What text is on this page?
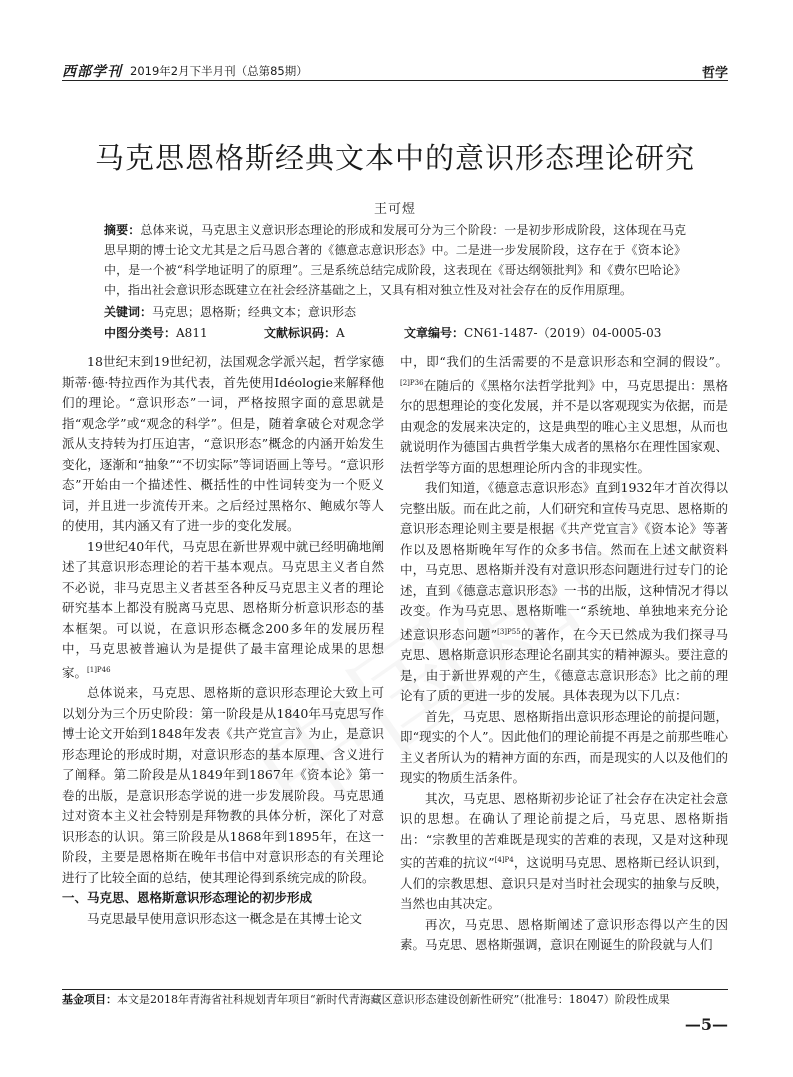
西部学刊 2019年2月下半月刊（总第85期）	哲学
马克思恩格斯经典文本中的意识形态理论研究
王可煜
摘要：总体来说，马克思主义意识形态理论的形成和发展可分为三个阶段：一是初步形成阶段，这体现在马克思早期的博士论文尤其是之后马恩合著的《德意志意识形态》中。二是进一步发展阶段，这存在于《资本论》中，是一个被“科学地证明了的原理”。三是系统总结完成阶段，这表现在《哥达纲领批判》和《费尔巴哈论》中，指出社会意识形态既建立在社会经济基础之上，又具有相对独立性及对社会存在的反作用原理。
关键词：马克思；恩格斯；经典文本；意识形态
中图分类号：A811	文献标识码：A	文章编号：CN61-1487-（2019）04-0005-03

18世纪末到19世纪初，法国观念学派兴起，哲学家德斯蒂·德·特拉西作为其代表，首先使用Idéologie来解释他们的理论。“意识形态”一词，严格按照字面的意思就是指“观念学”或“观念的科学”。但是，随着拿破仑对观念学派从支持转为打压迫害，“意识形态”概念的内涵开始发生变化，逐渐和“抽象”“不切实际”等词语画上等号。“意识形态”开始由一个描述性、概括性的中性词转变为一个贬义词，并且进一步流传开来。之后经过黑格尔、鲍威尔等人的使用，其内涵又有了进一步的变化发展。

19世纪40年代，马克思在新世界观中就已经明确地阐述了其意识形态理论的若干基本观点。马克思主义者自然不必说，非马克思主义者甚至各种反马克思主义者的理论研究基本上都没有脱离马克思、恩格斯分析意识形态的基本框架。可以说，在意识形态概念200多年的发展历程中，马克思被普遍认为是提供了最丰富理论成果的思想家。$^{[1]P46}$

总体说来，马克思、恩格斯的意识形态理论大致上可以划分为三个历史阶段：第一阶段是从1840年马克思写作博士论文开始到1848年发表《共产党宣言》为止，是意识形态理论的形成时期，对意识形态的基本原理、含义进行了阐释。第二阶段是从1849年到1867年《资本论》第一卷的出版，是意识形态学说的进一步发展阶段。马克思通过对资本主义社会特别是拜物教的具体分析，深化了对意识形态的认识。第三阶段是从1868年到1895年，在这一阶段，主要是恩格斯在晚年书信中对意识形态的有关理论进行了比较全面的总结，使其理论得到系统完成的阶段。

一、马克思、恩格斯意识形态理论的初步形成

马克思最早使用意识形态这一概念是在其博士论文

中，即“我们的生活需要的不是意识形态和空洞的假设”。$^{[2]P36}$在随后的《黑格尔法哲学批判》中，马克思提出：黑格尔的思想理论的变化发展，并不是以客观现实为依据，而是由观念的发展来决定的，这是典型的唯心主义思想，从而也就说明作为德国古典哲学集大成者的黑格尔在理性国家观、法哲学等方面的思想理论所内含的非现实性。

我们知道，《德意志意识形态》直到1932年才首次得以完整出版。而在此之前，人们研究和宣传马克思、恩格斯的意识形态理论则主要是根据《共产党宣言》《资本论》等著作以及恩格斯晚年写作的众多书信。然而在上述文献资料中，马克思、恩格斯并没有对意识形态问题进行过专门的论述，直到《德意志意识形态》一书的出版，这种情况才得以改变。作为马克思、恩格斯唯一“系统地、单独地来充分论述意识形态问题”$^{[3]P55}$的著作，在今天已然成为我们探寻马克思、恩格斯意识形态理论名副其实的精神源头。要注意的是，由于新世界观的产生，《德意志意识形态》比之前的理论有了质的更进一步的发展。具体表现为以下几点：

首先，马克思、恩格斯指出意识形态理论的前提问题，即“现实的个人”。因此他们的理论前提不再是之前那些唯心主义者所认为的精神方面的东西，而是现实的人以及他们的现实的物质生活条件。

其次，马克思、恩格斯初步论证了社会存在决定社会意识的思想。在确认了理论前提之后，马克思、恩格斯指出：“宗教里的苦难既是现实的苦难的表现，又是对这种现实的苦难的抗议”$^{[4]P4}$，这说明马克思、恩格斯已经认识到，人们的宗教思想、意识只是对当时社会现实的抽象与反映，当然也由其决定。

再次，马克思、恩格斯阐述了意识形态得以产生的因素。马克思、恩格斯强调，意识在刚诞生的阶段就与人们

基金项目：本文是2018年青海省社科规划青年项目“新时代青海藏区意识形态建设创新性研究”（批准号：18047）阶段性成果
—5—
